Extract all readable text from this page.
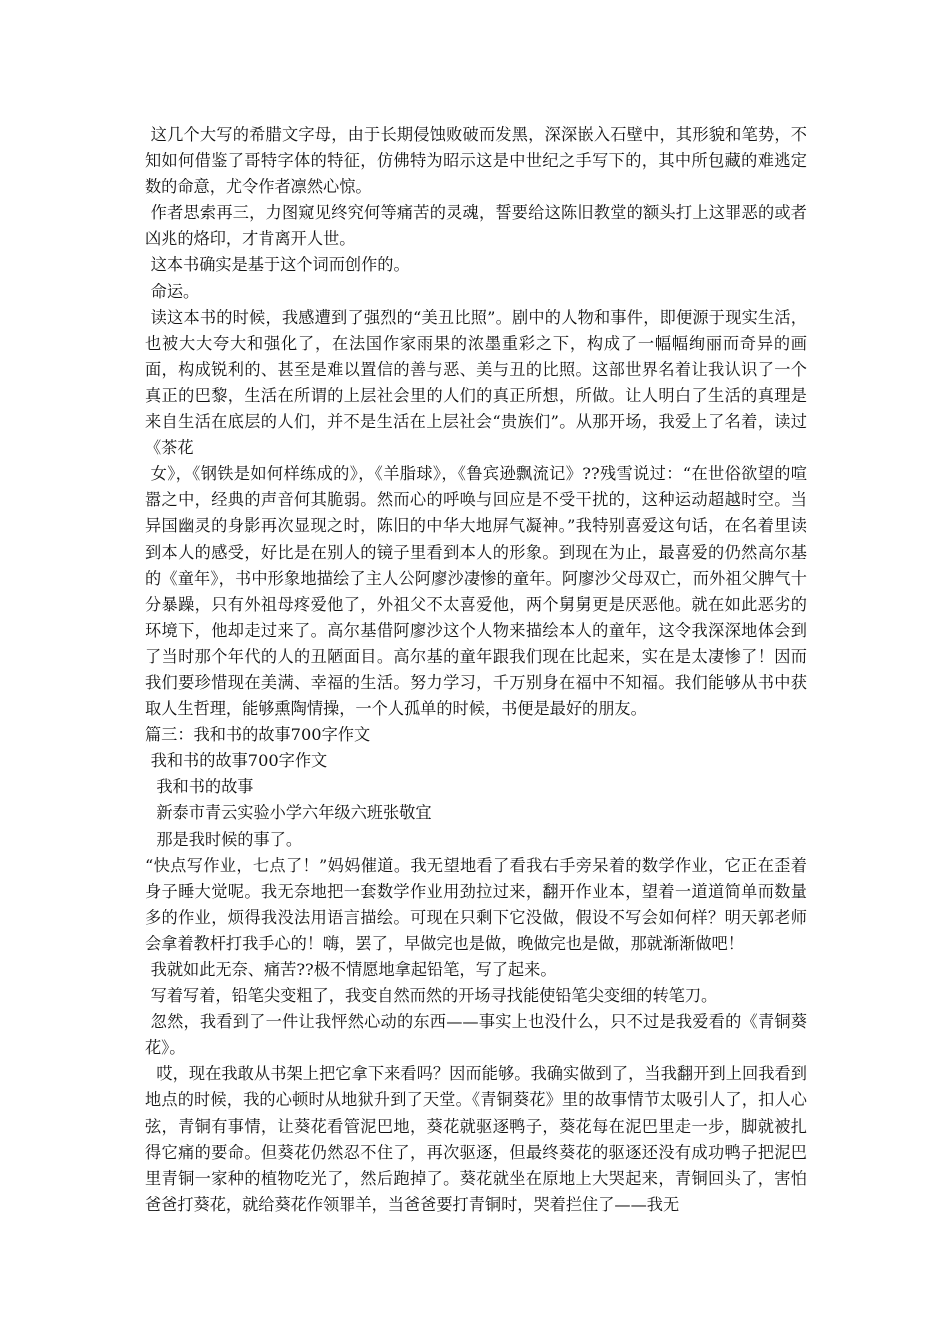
这几个大写的希腊文字母，由于长期侵蚀败破而发黑，深深嵌入石壁中，其形貌和笔势，不知如何借鉴了哥特字体的特征，仿佛特为昭示这是中世纪之手写下的，其中所包藏的难逃定数的命意，尤令作者凛然心惊。

作者思索再三，力图窥见终究何等痛苦的灵魂，誓要给这陈旧教堂的额头打上这罪恶的或者凶兆的烙印，才肯离开人世。

这本书确实是基于这个词而创作的。

命运。

读这本书的时候，我感遭到了强烈的“美丑比照”。剧中的人物和事件，即便源于现实生活，也被大大夸大和强化了，在法国作家雨果的浓墨重彩之下，构成了一幅幅绚丽而奇异的画面，构成锐利的、甚至是难以置信的善与恶、美与丑的比照。这部世界名着让我认识了一个真正的巴黎，生活在所谓的上层社会里的人们的真正所想，所做。让人明白了生活的真理是来自生活在底层的人们，并不是生活在上层社会“贵族们”。从那开场，我爱上了名着，读过《茶花

女》，《钢铁是如何样练成的》，《羊脂球》，《鲁宾逊飘流记》??残雪说过：“在世俗欲望的喧嚣之中，经典的声音何其脆弱。然而心的呼唤与回应是不受干扰的，这种运动超越时空。当异国幽灵的身影再次显现之时，陈旧的中华大地屏气凝神。”我特别喜爱这句话，在名着里读到本人的感受，好比是在别人的镜子里看到本人的形象。到现在为止，最喜爱的仍然高尔基的《童年》，书中形象地描绘了主人公阿廖沙凄惨的童年。阿廖沙父母双亡，而外祖父脾气十分暴躁，只有外祖母疼爱他了，外祖父不太喜爱他，两个舅舅更是厌恶他。就在如此恶劣的环境下，他却走过来了。高尔基借阿廖沙这个人物来描绘本人的童年，这令我深深地体会到了当时那个年代的人的丑陋面目。高尔基的童年跟我们现在比起来，实在是太凄惨了！因而我们要珍惜现在美满、幸福的生活。努力学习，千万别身在福中不知福。我们能够从书中获取人生哲理，能够熏陶情操，一个人孤单的时候，书便是最好的朋友。

篇三：我和书的故事700字作文

我和书的故事700字作文

我和书的故事

新泰市青云实验小学六年级六班张敬宜

那是我时候的事了。

“快点写作业，七点了！”妈妈催道。我无望地看了看我右手旁呆着的数学作业，它正在歪着身子睡大觉呢。我无奈地把一套数学作业用劲拉过来，翻开作业本，望着一道道简单而数量多的作业，烦得我没法用语言描绘。可现在只剩下它没做，假设不写会如何样？明天郭老师会拿着教杆打我手心的！嗨，罢了，早做完也是做，晚做完也是做，那就渐渐做吧！

我就如此无奈、痛苦??极不情愿地拿起铅笔，写了起来。

写着写着，铅笔尖变粗了，我变自然而然的开场寻找能使铅笔尖变细的转笔刀。

忽然，我看到了一件让我怦然心动的东西——事实上也没什么，只不过是我爱看的《青铜葵花》。

哎，现在我敢从书架上把它拿下来看吗？因而能够。我确实做到了，当我翻开到上回我看到地点的时候，我的心顿时从地狱升到了天堂。《青铜葵花》里的故事情节太吸引人了，扣人心弦，青铜有事情，让葵花看管泥巴地，葵花就驱逐鸭子，葵花每在泥巴里走一步，脚就被扎得它痛的要命。但葵花仍然忍不住了，再次驱逐，但最终葵花的驱逐还没有成功鸭子把泥巴里青铜一家种的植物吃光了，然后跑掉了。葵花就坐在原地上大哭起来，青铜回头了，害怕爸爸打葵花，就给葵花作领罪羊，当爸爸要打青铜时，哭着拦住了——我无
